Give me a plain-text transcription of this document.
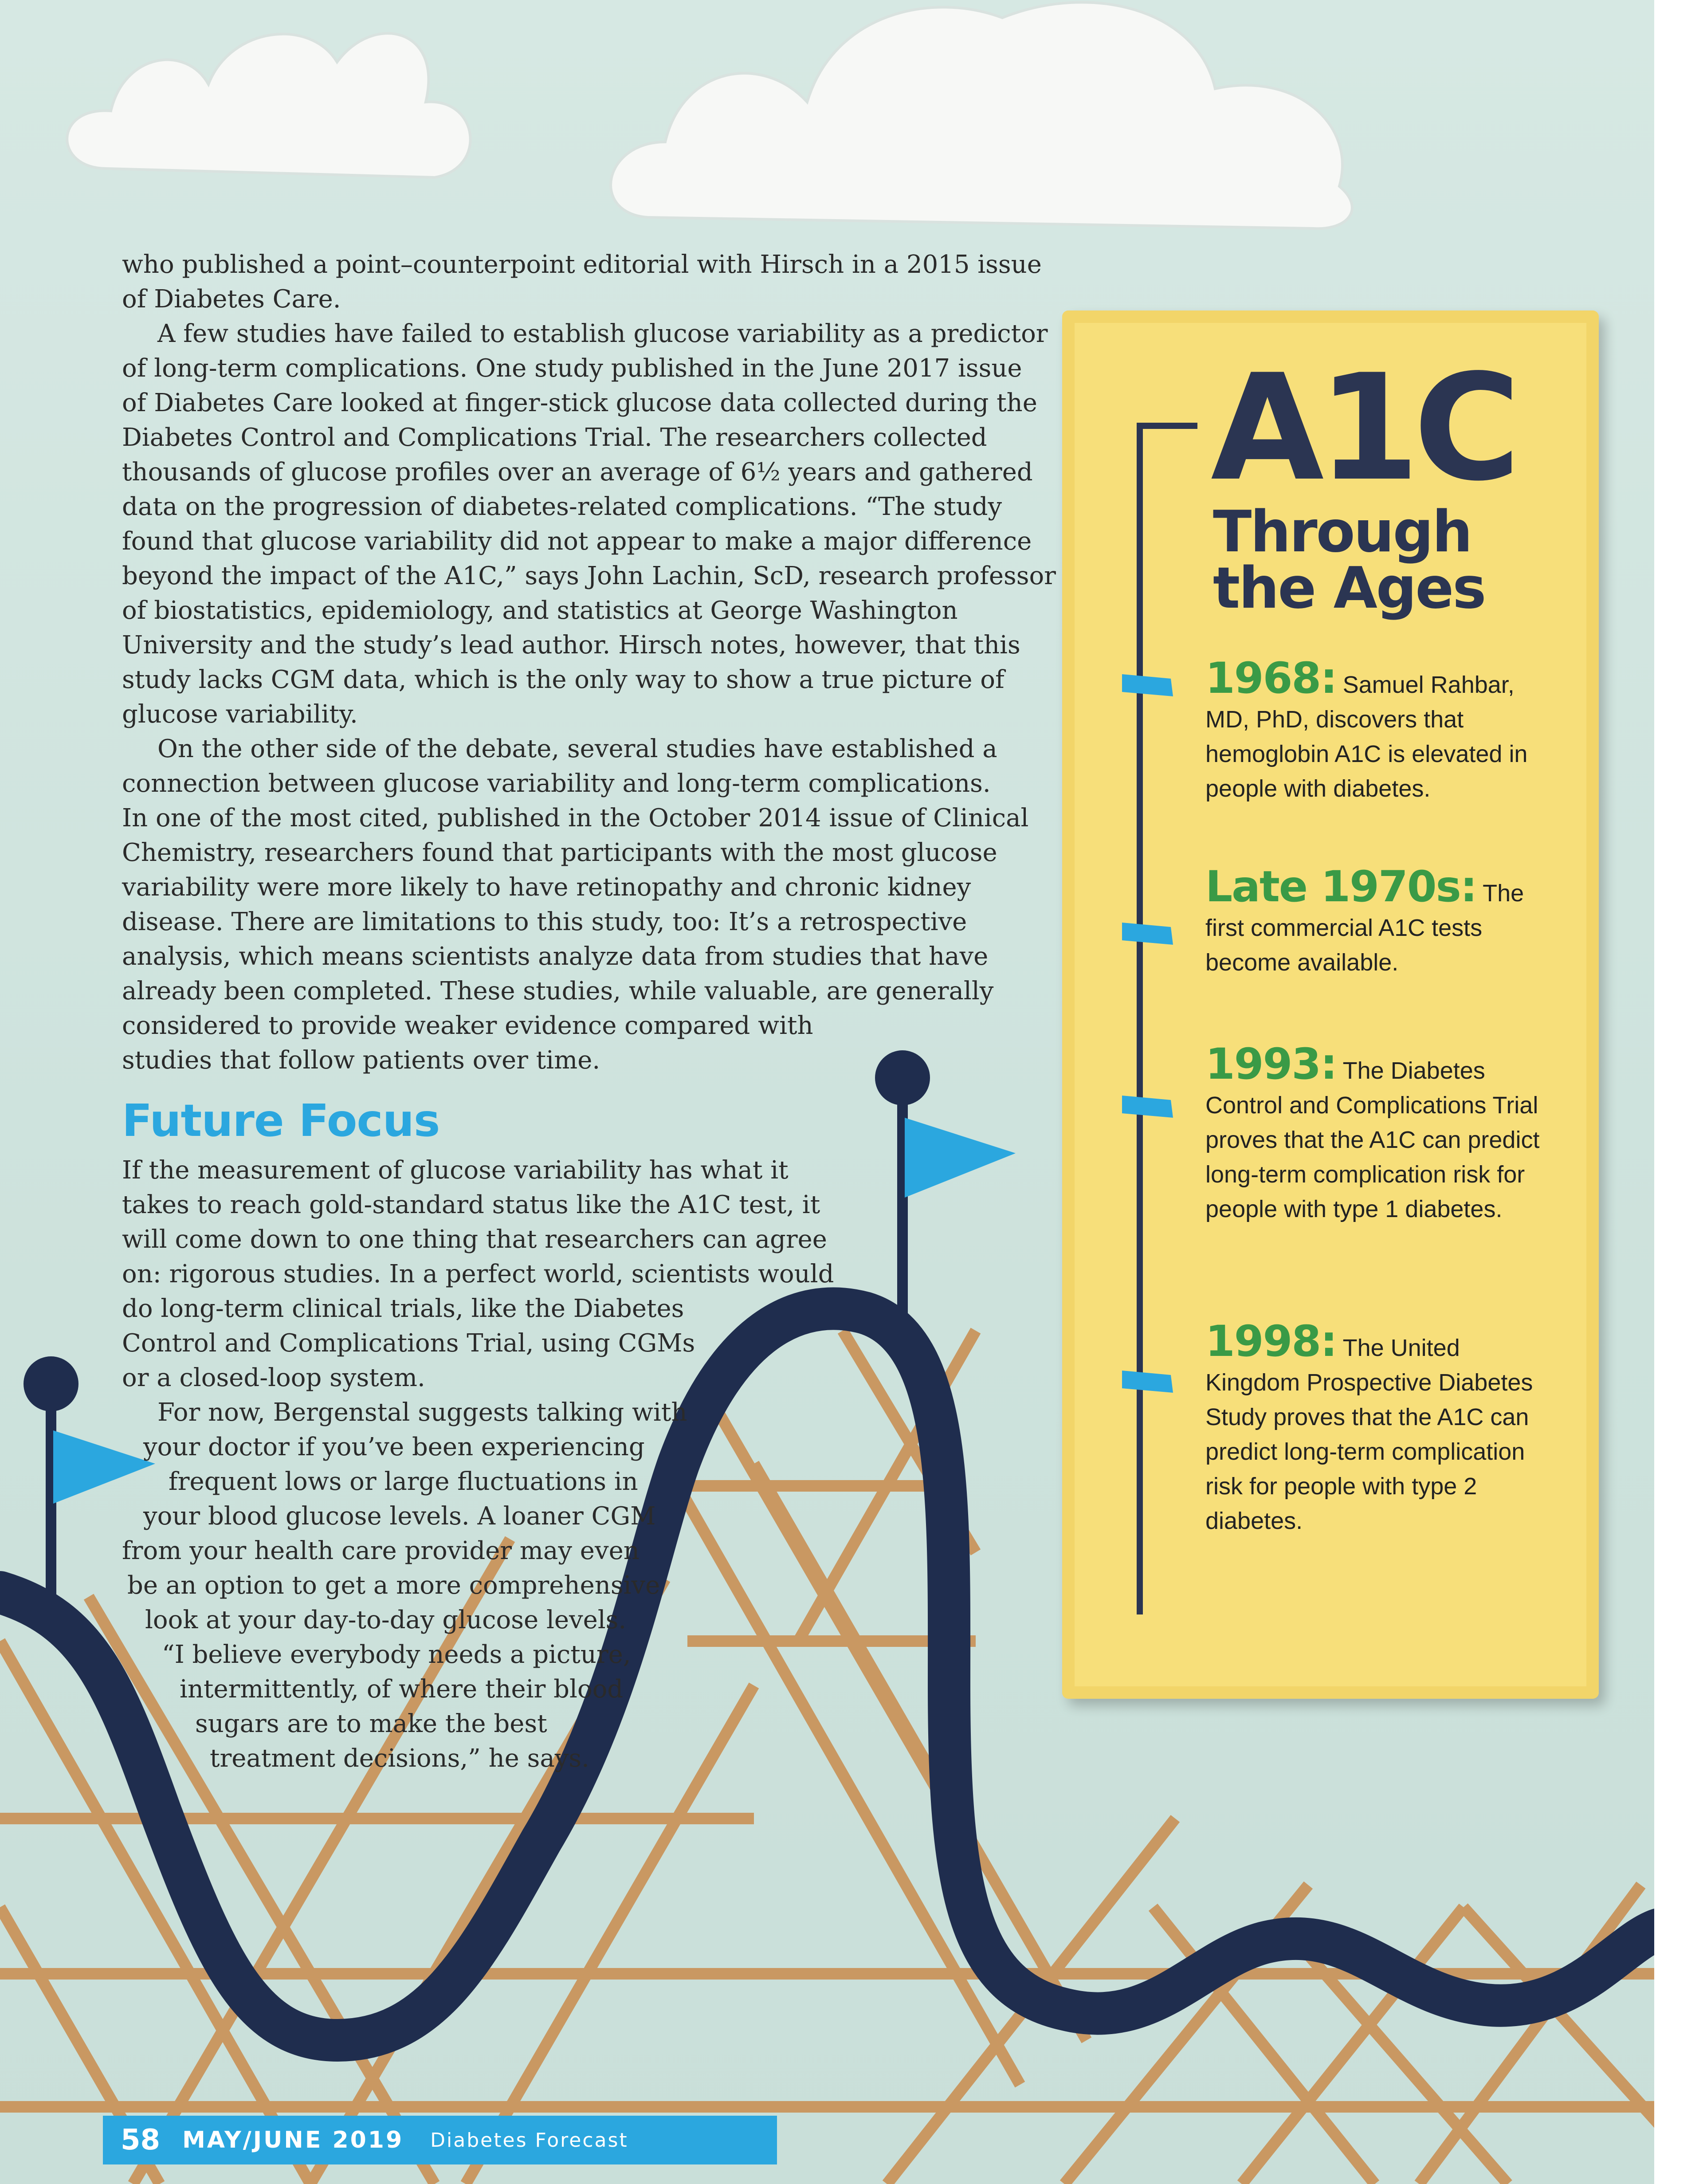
who published a point–counterpoint editorial with Hirsch in a 2015 issue
of Diabetes Care.
A few studies have failed to establish glucose variability as a predictor
of long-term complications. One study published in the June 2017 issue
of Diabetes Care looked at finger-stick glucose data collected during the
Diabetes Control and Complications Trial. The researchers collected
thousands of glucose profiles over an average of 6½ years and gathered
data on the progression of diabetes-related complications. “The study
found that glucose variability did not appear to make a major difference
beyond the impact of the A1C,” says John Lachin, ScD, research professor
of biostatistics, epidemiology, and statistics at George Washington
University and the study’s lead author. Hirsch notes, however, that this
study lacks CGM data, which is the only way to show a true picture of
glucose variability.
On the other side of the debate, several studies have established a
connection between glucose variability and long-term complications.
In one of the most cited, published in the October 2014 issue of Clinical
Chemistry, researchers found that participants with the most glucose
variability were more likely to have retinopathy and chronic kidney
disease. There are limitations to this study, too: It’s a retrospective
analysis, which means scientists analyze data from studies that have
already been completed. These studies, while valuable, are generally
considered to provide weaker evidence compared with
studies that follow patients over time.
Future Focus
If the measurement of glucose variability has what it
takes to reach gold-standard status like the A1C test, it
will come down to one thing that researchers can agree
on: rigorous studies. In a perfect world, scientists would
do long-term clinical trials, like the Diabetes
Control and Complications Trial, using CGMs
or a closed-loop system.
For now, Bergenstal suggests talking with
your doctor if you’ve been experiencing
frequent lows or large fluctuations in
your blood glucose levels. A loaner CGM
from your health care provider may even
be an option to get a more comprehensive
look at your day-to-day glucose levels.
“I believe everybody needs a picture,
intermittently, of where their blood
sugars are to make the best
treatment decisions,” he says.
A1C
Through
the Ages
1968: Samuel Rahbar, MD, PhD, discovers that hemoglobin A1C is elevated in people with diabetes.
Late 1970s: The first commercial A1C tests become available.
1993: The Diabetes Control and Complications Trial proves that the A1C can predict long-term complication risk for people with type 1 diabetes.
1998: The United Kingdom Prospective Diabetes Study proves that the A1C can predict long-term complication risk for people with type 2 diabetes.
58 MAY/JUNE 2019 Diabetes Forecast
